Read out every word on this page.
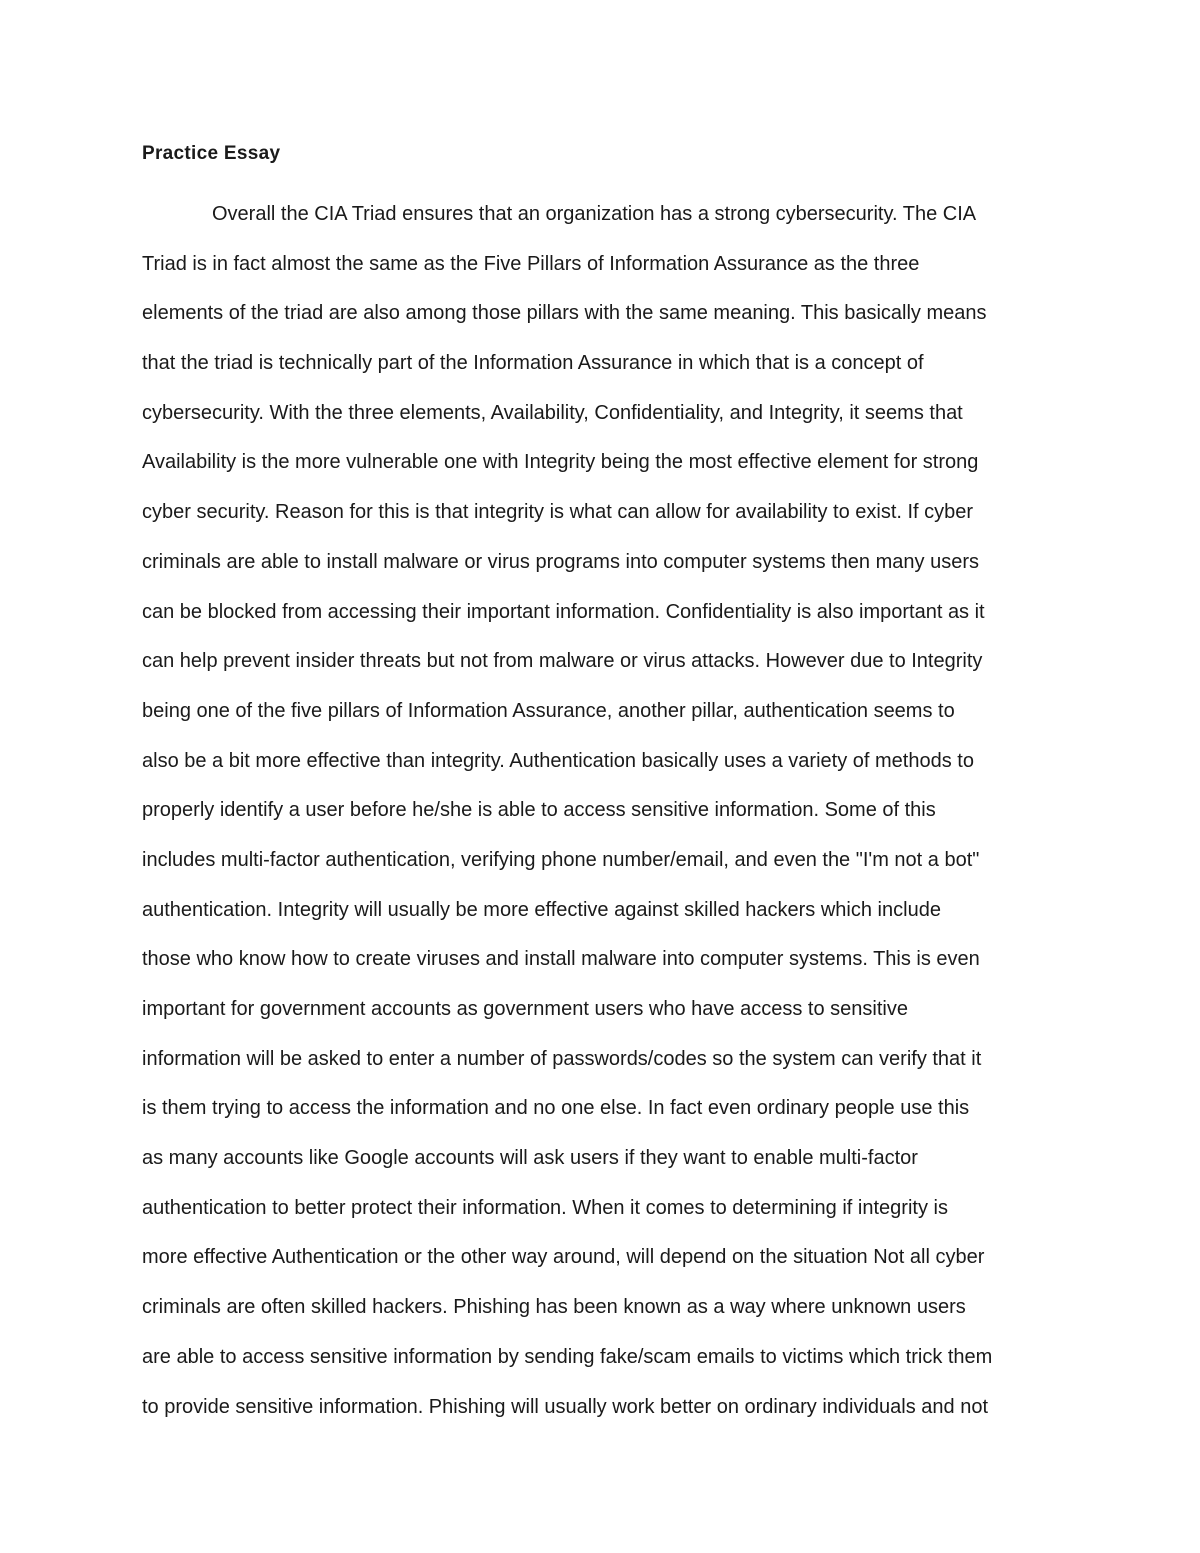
Practice Essay

Overall the CIA Triad ensures that an organization has a strong cybersecurity. The CIA

Triad is in fact almost the same as the Five Pillars of Information Assurance as the three

elements of the triad are also among those pillars with the same meaning. This basically means

that the triad is technically part of the Information Assurance in which that is a concept of

cybersecurity. With the three elements, Availability, Confidentiality, and Integrity, it seems that

Availability is the more vulnerable one with Integrity being the most effective element for strong

cyber security. Reason for this is that integrity is what can allow for availability to exist. If cyber

criminals are able to install malware or virus programs into computer systems then many users

can be blocked from accessing their important information. Confidentiality is also important as it

can help prevent insider threats but not from malware or virus attacks. However due to Integrity

being one of the five pillars of Information Assurance, another pillar, authentication seems to

also be a bit more effective than integrity. Authentication basically uses a variety of methods to

properly identify a user before he/she is able to access sensitive information. Some of this

includes multi-factor authentication, verifying phone number/email, and even the "I'm not a bot"

authentication. Integrity will usually be more effective against skilled hackers which include

those who know how to create viruses and install malware into computer systems. This is even

important for government accounts as government users who have access to sensitive

information will be asked to enter a number of passwords/codes so the system can verify that it

is them trying to access the information and no one else. In fact even ordinary people use this

as many accounts like Google accounts will ask users if they want to enable multi-factor

authentication to better protect their information. When it comes to determining if integrity is

more effective Authentication or the other way around, will depend on the situation Not all cyber

criminals are often skilled hackers. Phishing has been known as a way where unknown users

are able to access sensitive information by sending fake/scam emails to victims which trick them

to provide sensitive information. Phishing will usually work better on ordinary individuals and not
